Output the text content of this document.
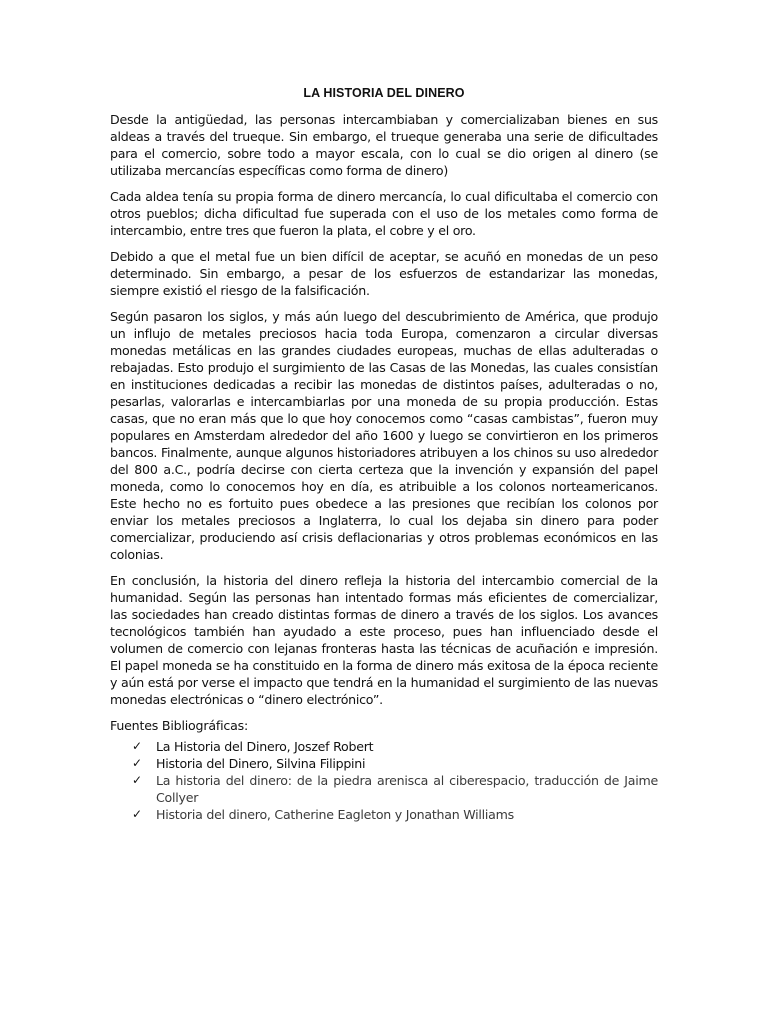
LA HISTORIA DEL DINERO

Desde la antigüedad, las personas intercambiaban y comercializaban bienes en sus aldeas a través del trueque. Sin embargo, el trueque generaba una serie de dificultades para el comercio, sobre todo a mayor escala, con lo cual se dio origen al dinero (se utilizaba mercancías específicas como forma de dinero)

Cada aldea tenía su propia forma de dinero mercancía, lo cual dificultaba el comercio con otros pueblos; dicha dificultad fue superada con el uso de los metales como forma de intercambio, entre tres que fueron la plata, el cobre y el oro.

Debido a que el metal fue un bien difícil de aceptar, se acuñó en monedas de un peso determinado. Sin embargo, a pesar de los esfuerzos de estandarizar las monedas, siempre existió el riesgo de la falsificación.

Según pasaron los siglos, y más aún luego del descubrimiento de América, que produjo un influjo de metales preciosos hacia toda Europa, comenzaron a circular diversas monedas metálicas en las grandes ciudades europeas, muchas de ellas adulteradas o rebajadas. Esto produjo el surgimiento de las Casas de las Monedas, las cuales consistían en instituciones dedicadas a recibir las monedas de distintos países, adulteradas o no, pesarlas, valorarlas e intercambiarlas por una moneda de su propia producción. Estas casas, que no eran más que lo que hoy conocemos como “casas cambistas”, fueron muy populares en Amsterdam alrededor del año 1600 y luego se convirtieron en los primeros bancos. Finalmente, aunque algunos historiadores atribuyen a los chinos su uso alrededor del 800 a.C., podría decirse con cierta certeza que la invención y expansión del papel moneda, como lo conocemos hoy en día, es atribuible a los colonos norteamericanos. Este hecho no es fortuito pues obedece a las presiones que recibían los colonos por enviar los metales preciosos a Inglaterra, lo cual los dejaba sin dinero para poder comercializar, produciendo así crisis deflacionarias y otros problemas económicos en las colonias.

En conclusión, la historia del dinero refleja la historia del intercambio comercial de la humanidad. Según las personas han intentado formas más eficientes de comercializar, las sociedades han creado distintas formas de dinero a través de los siglos. Los avances tecnológicos también han ayudado a este proceso, pues han influenciado desde el volumen de comercio con lejanas fronteras hasta las técnicas de acuñación e impresión. El papel moneda se ha constituido en la forma de dinero más exitosa de la época reciente y aún está por verse el impacto que tendrá en la humanidad el surgimiento de las nuevas monedas electrónicas o “dinero electrónico”.

Fuentes Bibliográficas:
✓ La Historia del Dinero, Joszef Robert
✓ Historia del Dinero, Silvina Filippini
✓ La historia del dinero: de la piedra arenisca al ciberespacio, traducción de Jaime Collyer
✓ Historia del dinero, Catherine Eagleton y Jonathan Williams
